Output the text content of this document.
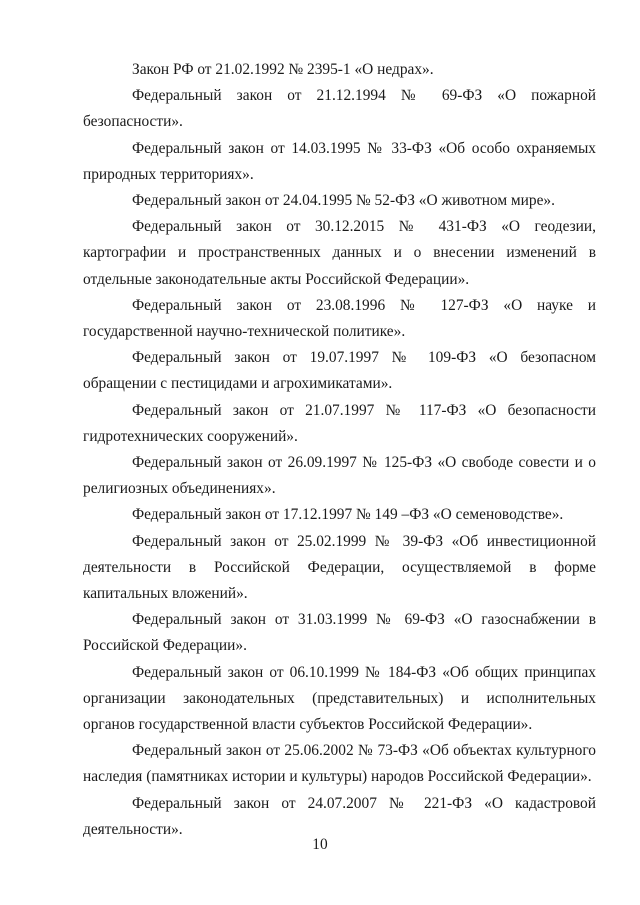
Закон РФ от 21.02.1992 № 2395-1 «О недрах».

Федеральный закон от 21.12.1994 № 69-ФЗ «О пожарной безопасности».

Федеральный закон от 14.03.1995 № 33-ФЗ «Об особо охраняемых природных территориях».

Федеральный закон от 24.04.1995 № 52-ФЗ «О животном мире».

Федеральный закон от 30.12.2015 № 431-ФЗ «О геодезии, картографии и пространственных данных и о внесении изменений в отдельные законодательные акты Российской Федерации».

Федеральный закон от 23.08.1996 № 127-ФЗ «О науке и государственной научно-технической политике».

Федеральный закон от 19.07.1997 № 109-ФЗ «О безопасном обращении с пестицидами и агрохимикатами».

Федеральный закон от 21.07.1997 № 117-ФЗ «О безопасности гидротехнических сооружений».

Федеральный закон от 26.09.1997 № 125-ФЗ «О свободе совести и о религиозных объединениях».

Федеральный закон от 17.12.1997 № 149 –ФЗ «О семеноводстве».

Федеральный закон от 25.02.1999 № 39-ФЗ «Об инвестиционной деятельности в Российской Федерации, осуществляемой в форме капитальных вложений».

Федеральный закон от 31.03.1999 № 69-ФЗ «О газоснабжении в Российской Федерации».

Федеральный закон от 06.10.1999 № 184-ФЗ «Об общих принципах организации законодательных (представительных) и исполнительных органов государственной власти субъектов Российской Федерации».

Федеральный закон от 25.06.2002 № 73-ФЗ «Об объектах культурного наследия (памятниках истории и культуры) народов Российской Федерации».

Федеральный закон от 24.07.2007 № 221-ФЗ «О кадастровой деятельности».

10
